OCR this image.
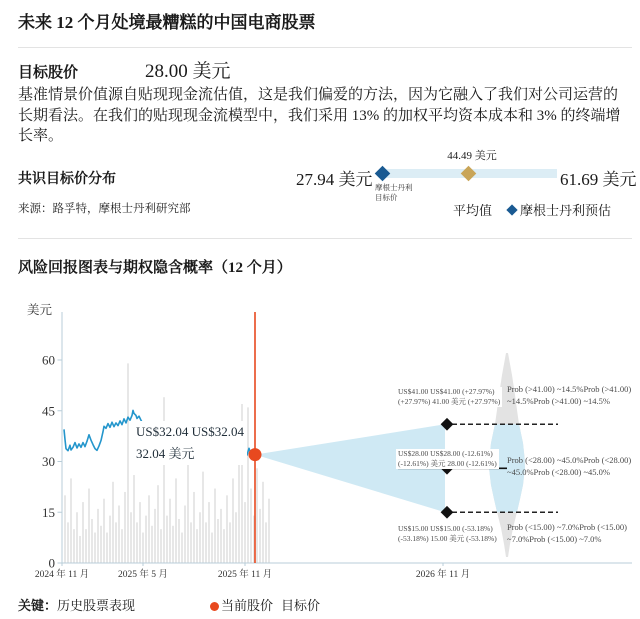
未来 12 个月处境最糟糕的中国电商股票
目标股价	28.00 美元

基准情景价值源自贴现现金流估值，这是我们偏爱的方法，因为它融入了我们对公司运营的长期看法。在我们的贴现现金流模型中，我们采用 13% 的加权平均资本成本和 3% 的终端增长率。

共识目标价分布
44.49 美元
27.94 美元	61.69 美元
摩根士丹利
目标价
来源：路孚特，摩根士丹利研究部	平均值 摩根士丹利预估
风险回报图表与期权隐含概率（12 个月）
美元
0
15
30
45
60
2024 年 11 月	2025 年 5 月	2025 年 11 月	2026 年 11 月
US$32.04 US$32.04
32.04 美元
US$41.00 US$41.00 (+27.97%)
(+27.97%) 41.00 美元 (+27.97%)
Prob (>41.00) ~14.5%Prob (>41.00)
~14.5%Prob (>41.00) ~14.5%
US$28.00 US$28.00 (-12.61%)
(-12.61%) 美元 28.00 (-12.61%) Prob (<28.00) ~45.0%Prob (<28.00)
~45.0%Prob (<28.00) ~45.0%
US$15.00 US$15.00 (-53.18%)
(-53.18%) 15.00 美元 (-53.18%)
Prob (<15.00) ~7.0%Prob (<15.00)
~7.0%Prob (<15.00) ~7.0%
关键：历史股票表现	当前股价 目标价
